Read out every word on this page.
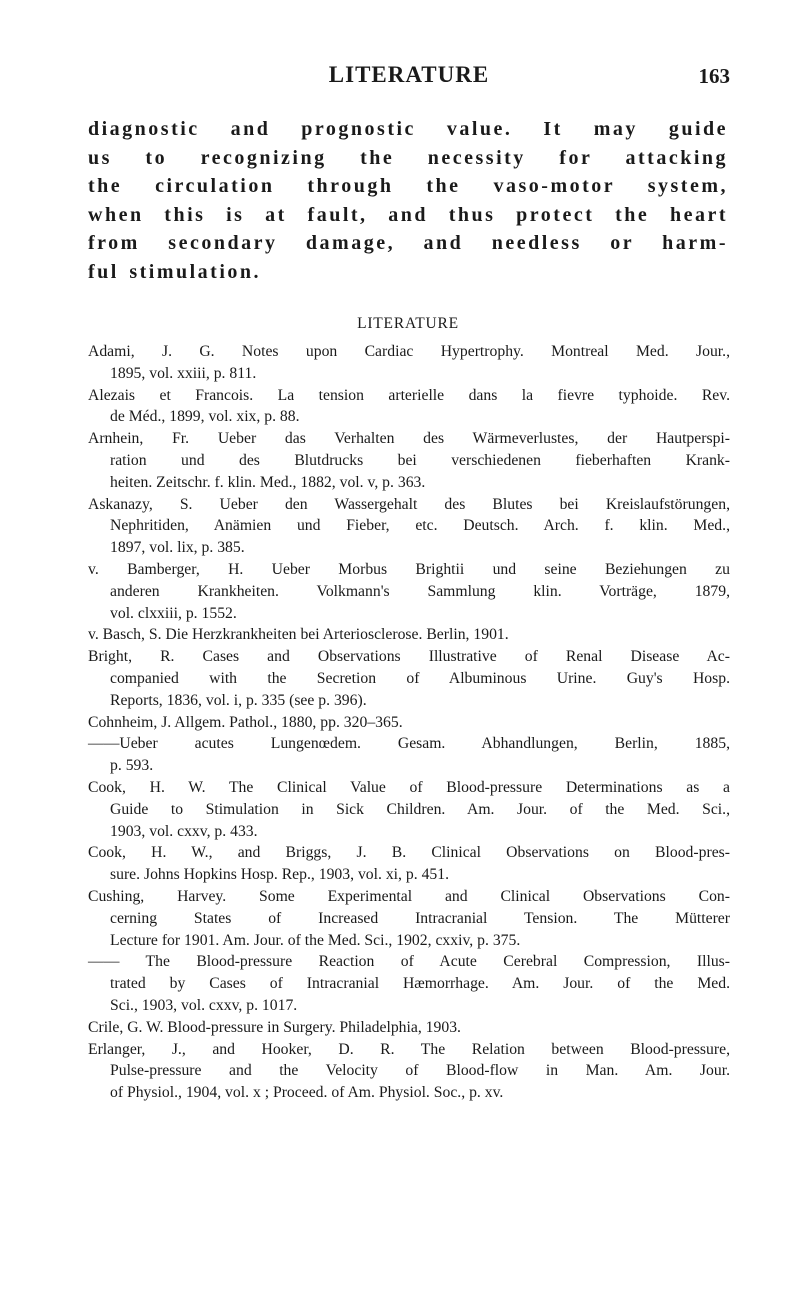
LITERATURE	163
diagnostic and prognostic value. It may guide
us to recognizing the necessity for attacking
the circulation through the vaso-motor system,
when this is at fault, and thus protect the heart
from secondary damage, and needless or harm-
ful stimulation.
LITERATURE
Adami, J. G. Notes upon Cardiac Hypertrophy. Montreal Med. Jour.,
1895, vol. xxiii, p. 811.
Alezais et Francois. La tension arterielle dans la fievre typhoide. Rev.
de Méd., 1899, vol. xix, p. 88.
Arnhein, Fr. Ueber das Verhalten des Wärmeverlustes, der Hautperspi-
ration und des Blutdrucks bei verschiedenen fieberhaften Krank-
heiten. Zeitschr. f. klin. Med., 1882, vol. v, p. 363.
Askanazy, S. Ueber den Wassergehalt des Blutes bei Kreislaufstörungen,
Nephritiden, Anämien und Fieber, etc. Deutsch. Arch. f. klin. Med.,
1897, vol. lix, p. 385.
v. Bamberger, H. Ueber Morbus Brightii und seine Beziehungen zu
anderen Krankheiten. Volkmann's Sammlung klin. Vorträge, 1879,
vol. clxxiii, p. 1552.
v. Basch, S. Die Herzkrankheiten bei Arteriosclerose. Berlin, 1901.
Bright, R. Cases and Observations Illustrative of Renal Disease Ac-
companied with the Secretion of Albuminous Urine. Guy's Hosp.
Reports, 1836, vol. i, p. 335 (see p. 396).
Cohnheim, J. Allgem. Pathol., 1880, pp. 320–365.
——Ueber acutes Lungenœdem. Gesam. Abhandlungen, Berlin, 1885,
p. 593.
Cook, H. W. The Clinical Value of Blood-pressure Determinations as a
Guide to Stimulation in Sick Children. Am. Jour. of the Med. Sci.,
1903, vol. cxxv, p. 433.
Cook, H. W., and Briggs, J. B. Clinical Observations on Blood-pres-
sure. Johns Hopkins Hosp. Rep., 1903, vol. xi, p. 451.
Cushing, Harvey. Some Experimental and Clinical Observations Con-
cerning States of Increased Intracranial Tension. The Mütterer
Lecture for 1901. Am. Jour. of the Med. Sci., 1902, cxxiv, p. 375.
—— The Blood-pressure Reaction of Acute Cerebral Compression, Illus-
trated by Cases of Intracranial Hæmorrhage. Am. Jour. of the Med.
Sci., 1903, vol. cxxv, p. 1017.
Crile, G. W. Blood-pressure in Surgery. Philadelphia, 1903.
Erlanger, J., and Hooker, D. R. The Relation between Blood-pressure,
Pulse-pressure and the Velocity of Blood-flow in Man. Am. Jour.
of Physiol., 1904, vol. x ; Proceed. of Am. Physiol. Soc., p. xv.
